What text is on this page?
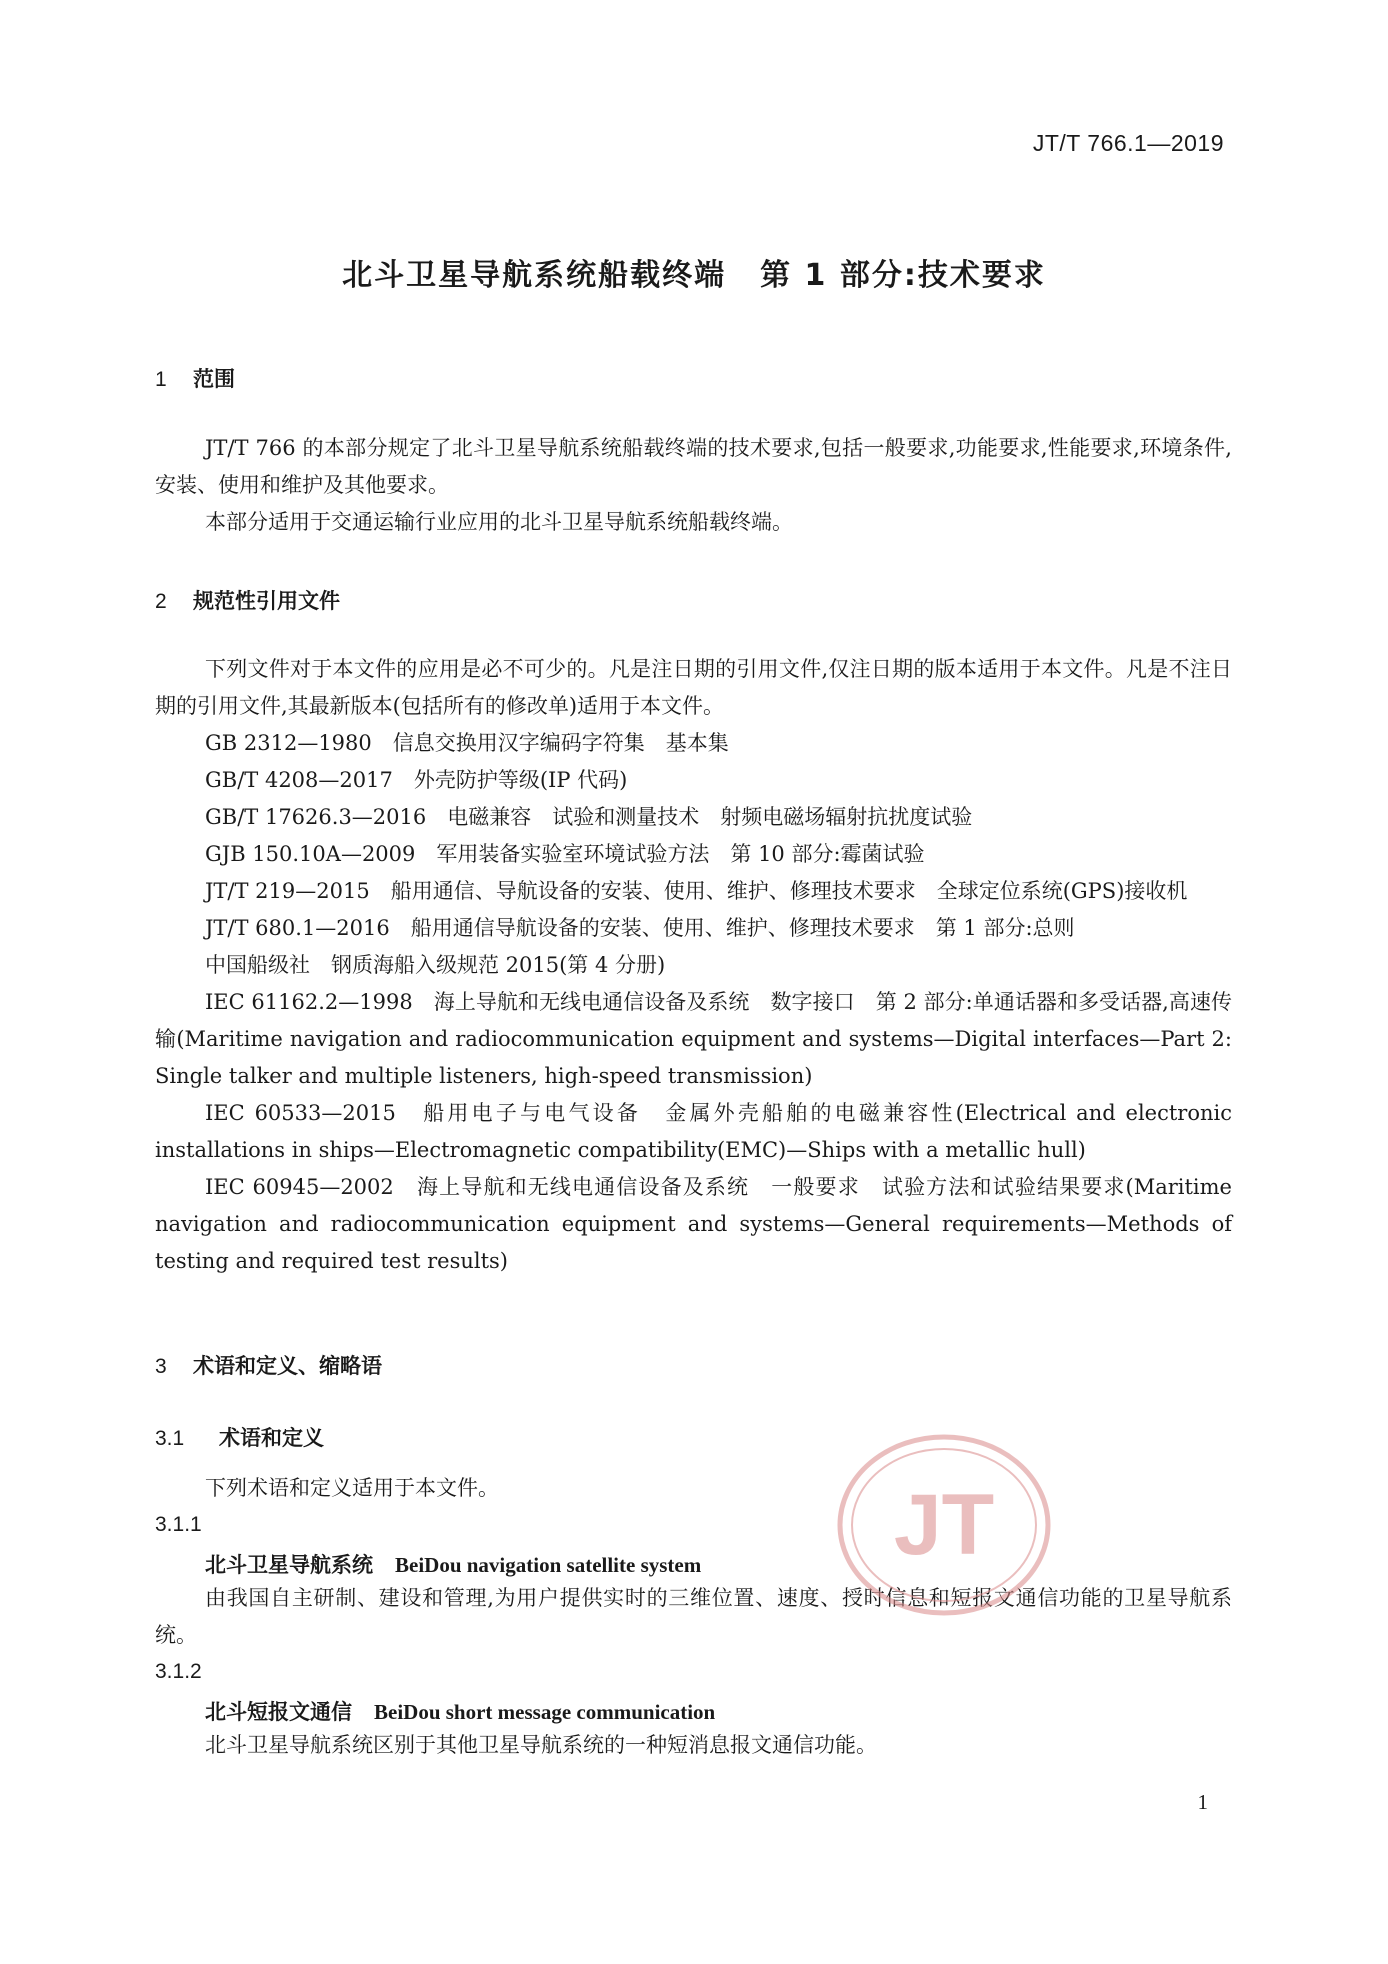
JT/T 766.1—2019
北斗卫星导航系统船载终端 第 1 部分:技术要求
1 范围

JT/T 766 的本部分规定了北斗卫星导航系统船载终端的技术要求,包括一般要求,功能要求,性能要求,环境条件,安装、使用和维护及其他要求。

本部分适用于交通运输行业应用的北斗卫星导航系统船载终端。

2 规范性引用文件

下列文件对于本文件的应用是必不可少的。凡是注日期的引用文件,仅注日期的版本适用于本文件。凡是不注日期的引用文件,其最新版本(包括所有的修改单)适用于本文件。

GB 2312—1980　信息交换用汉字编码字符集　基本集

GB/T 4208—2017　外壳防护等级(IP 代码)

GB/T 17626.3—2016　电磁兼容　试验和测量技术　射频电磁场辐射抗扰度试验

GJB 150.10A—2009　军用装备实验室环境试验方法　第 10 部分:霉菌试验

JT/T 219—2015　船用通信、导航设备的安装、使用、维护、修理技术要求　全球定位系统(GPS)接收机

JT/T 680.1—2016　船用通信导航设备的安装、使用、维护、修理技术要求　第 1 部分:总则

中国船级社　钢质海船入级规范 2015(第 4 分册)

IEC 61162.2—1998　海上导航和无线电通信设备及系统　数字接口　第 2 部分:单通话器和多受话器,高速传输(Maritime navigation and radiocommunication equipment and systems—Digital interfaces—Part 2: Single talker and multiple listeners, high-speed transmission)

IEC 60533—2015　船用电子与电气设备　金属外壳船舶的电磁兼容性(Electrical and electronic installations in ships—Electromagnetic compatibility(EMC)—Ships with a metallic hull)

IEC 60945—2002　海上导航和无线电通信设备及系统　一般要求　试验方法和试验结果要求(Maritime navigation and radiocommunication equipment and systems—General requirements—Methods of testing and required test results)

3 术语和定义、缩略语
3.1 术语和定义

下列术语和定义适用于本文件。

3.1.1
北斗卫星导航系统 BeiDou navigation satellite system

由我国自主研制、建设和管理,为用户提供实时的三维位置、速度、授时信息和短报文通信功能的卫星导航系统。

3.1.2
北斗短报文通信 BeiDou short message communication

北斗卫星导航系统区别于其他卫星导航系统的一种短消息报文通信功能。

JT
1
